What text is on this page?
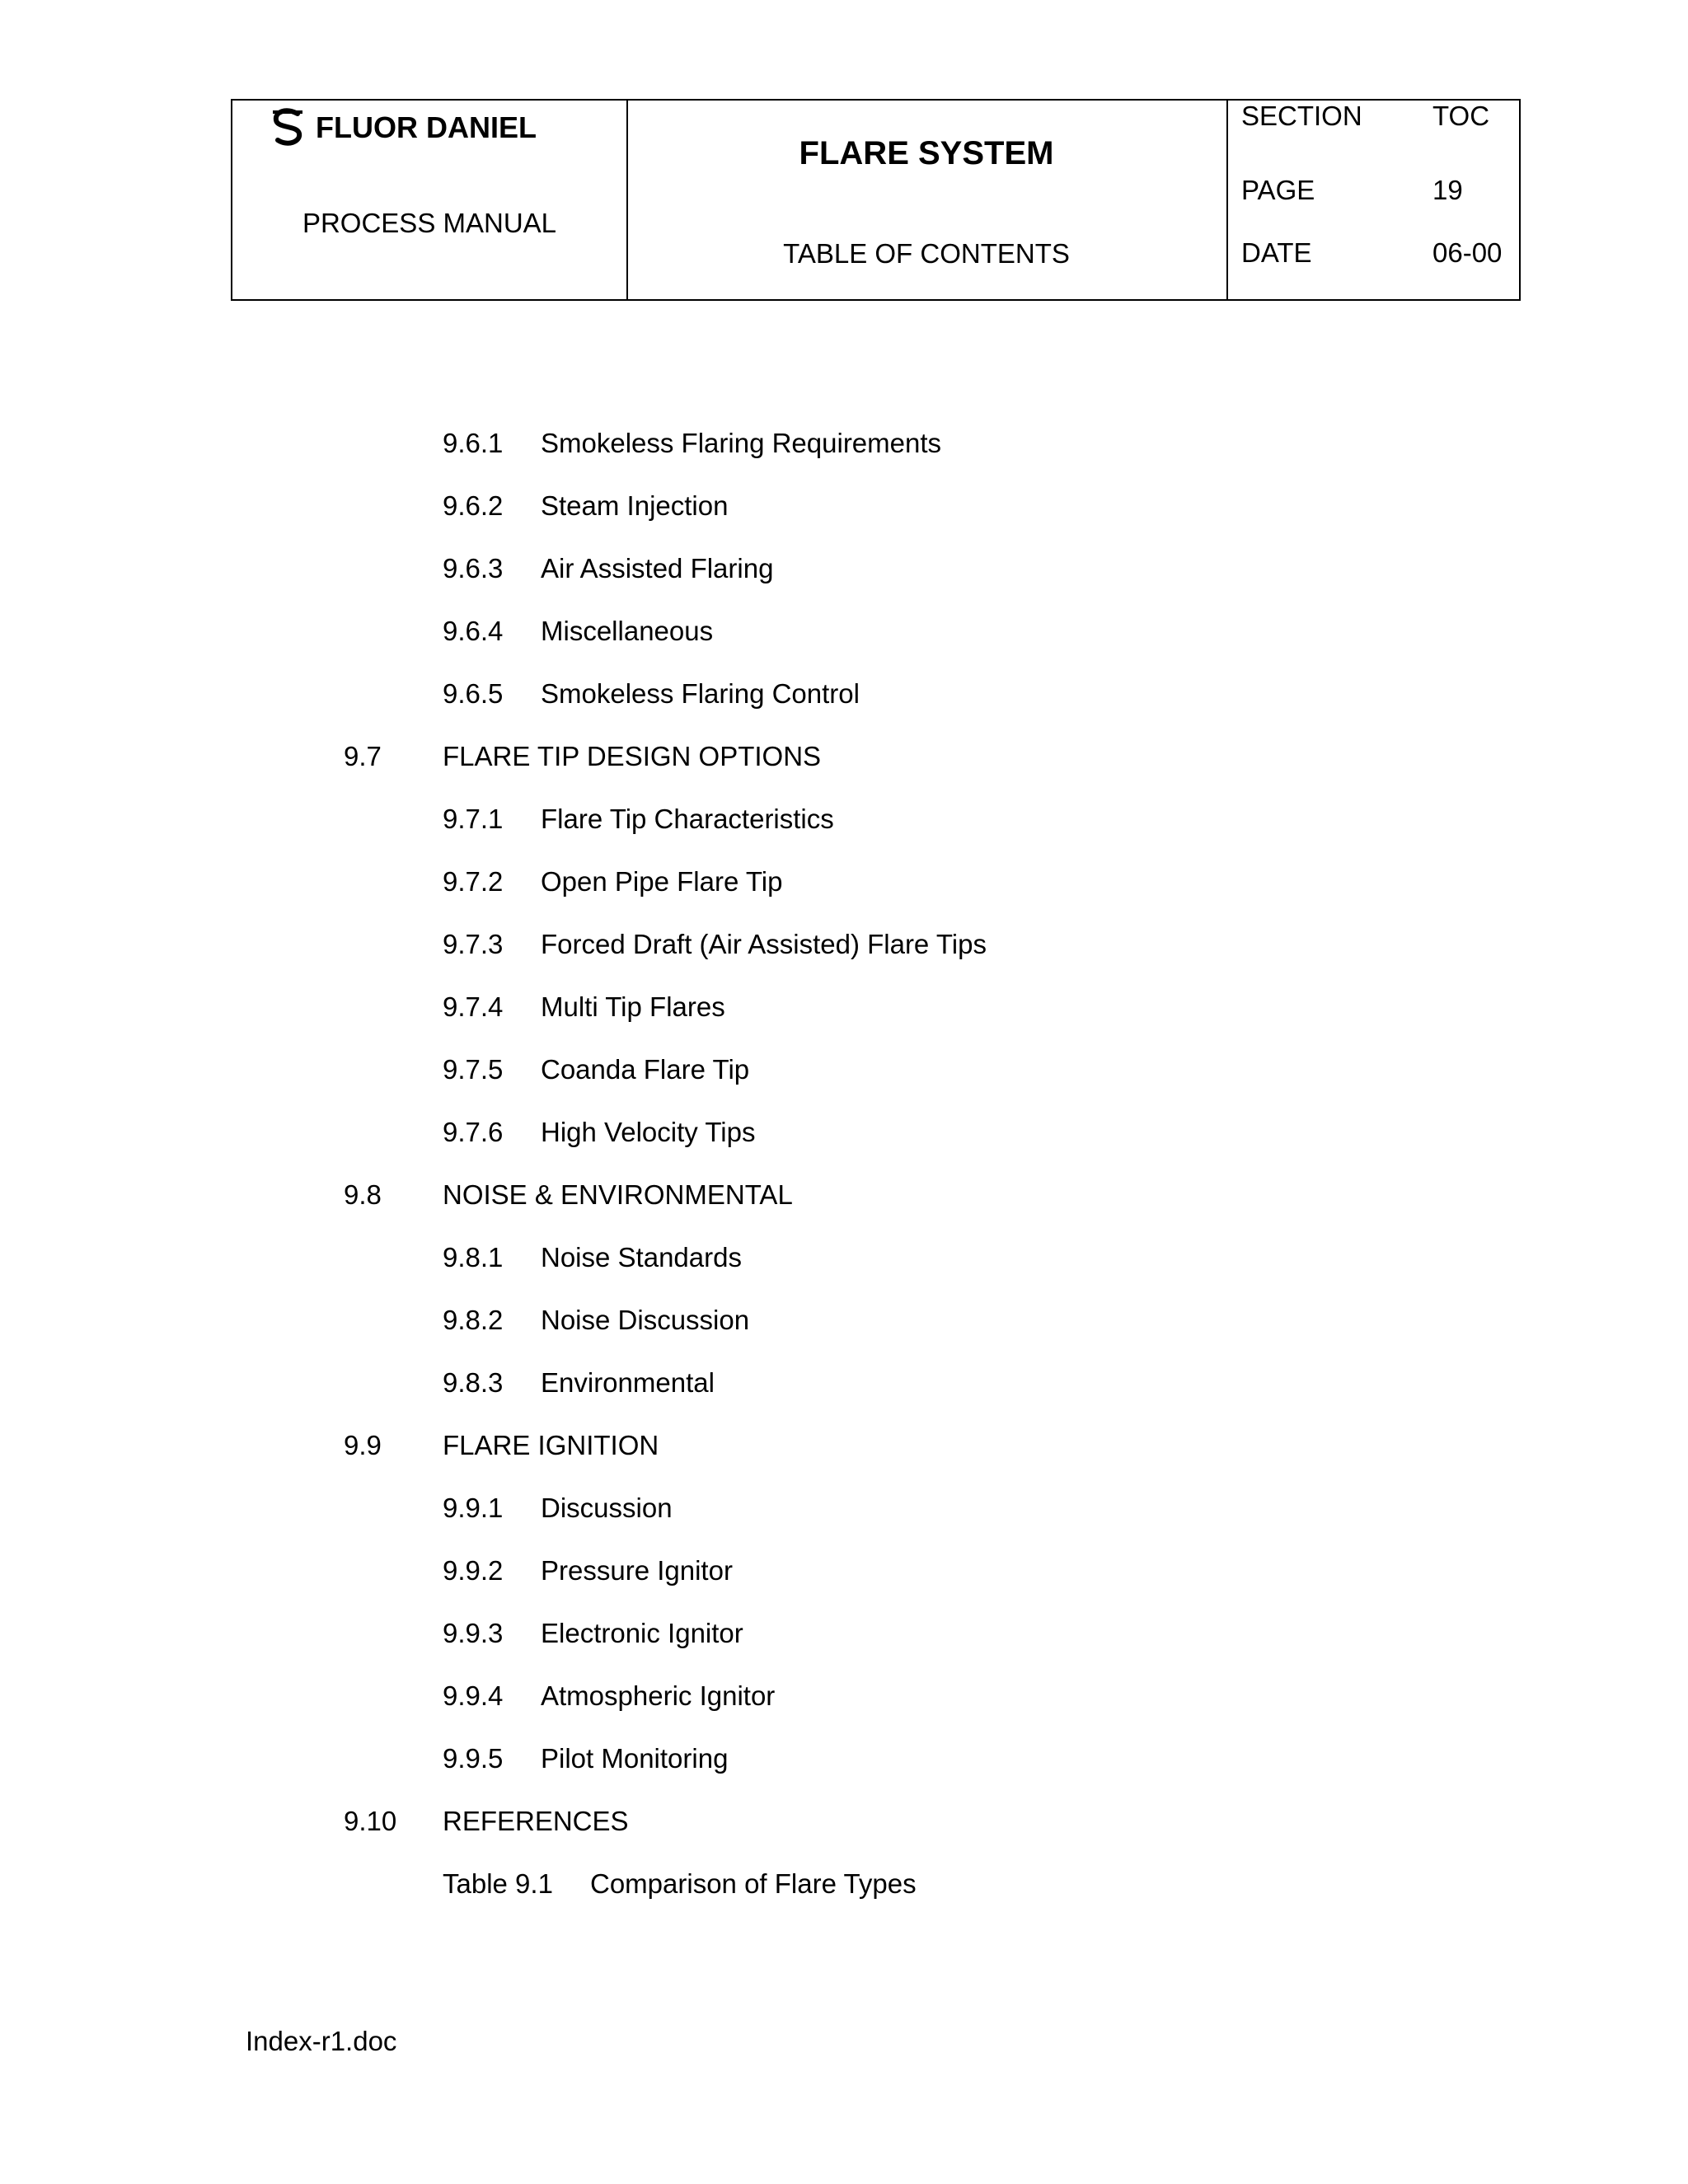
FLUOR DANIEL
PROCESS MANUAL
FLARE SYSTEM
TABLE OF CONTENTS
SECTION	TOC
PAGE	19
DATE	06-00
9.6.1 Smokeless Flaring Requirements
9.6.2 Steam Injection
9.6.3 Air Assisted Flaring
9.6.4 Miscellaneous
9.6.5 Smokeless Flaring Control
9.7 FLARE TIP DESIGN OPTIONS
9.7.1 Flare Tip Characteristics
9.7.2 Open Pipe Flare Tip
9.7.3 Forced Draft (Air Assisted) Flare Tips
9.7.4 Multi Tip Flares
9.7.5 Coanda Flare Tip
9.7.6 High Velocity Tips
9.8 NOISE & ENVIRONMENTAL
9.8.1 Noise Standards
9.8.2 Noise Discussion
9.8.3 Environmental
9.9 FLARE IGNITION
9.9.1 Discussion
9.9.2 Pressure Ignitor
9.9.3 Electronic Ignitor
9.9.4 Atmospheric Ignitor
9.9.5 Pilot Monitoring
9.10 REFERENCES
Table 9.1 Comparison of Flare Types
Index-r1.doc
